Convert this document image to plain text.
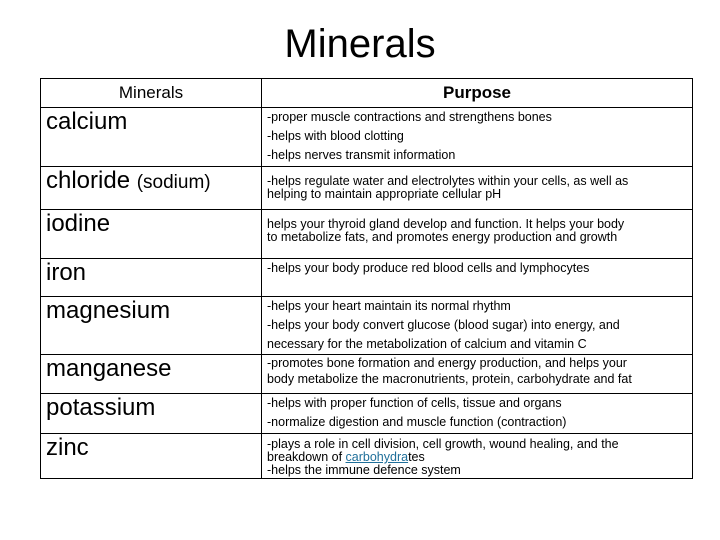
Minerals
Minerals	Purpose
calcium	-proper muscle contractions and strengthens bones
-helps with blood clotting
-helps nerves transmit information

chloride (sodium)	-helps regulate water and electrolytes within your cells, as well as
helping to maintain appropriate cellular pH

iodine	helps your thyroid gland develop and function. It helps your body
to metabolize fats, and promotes energy production and growth

iron	-helps your body produce red blood cells and lymphocytes

magnesium	-helps your heart maintain its normal rhythm
-helps your body convert glucose (blood sugar) into energy, and
necessary for the metabolization of calcium and vitamin C

manganese	-promotes bone formation and energy production, and helps your
body metabolize the macronutrients, protein, carbohydrate and fat

potassium	-helps with proper function of cells, tissue and organs
-normalize digestion and muscle function (contraction)

zinc	-plays a role in cell division, cell growth, wound healing, and the
breakdown of carbohydrates
-helps the immune defence system
